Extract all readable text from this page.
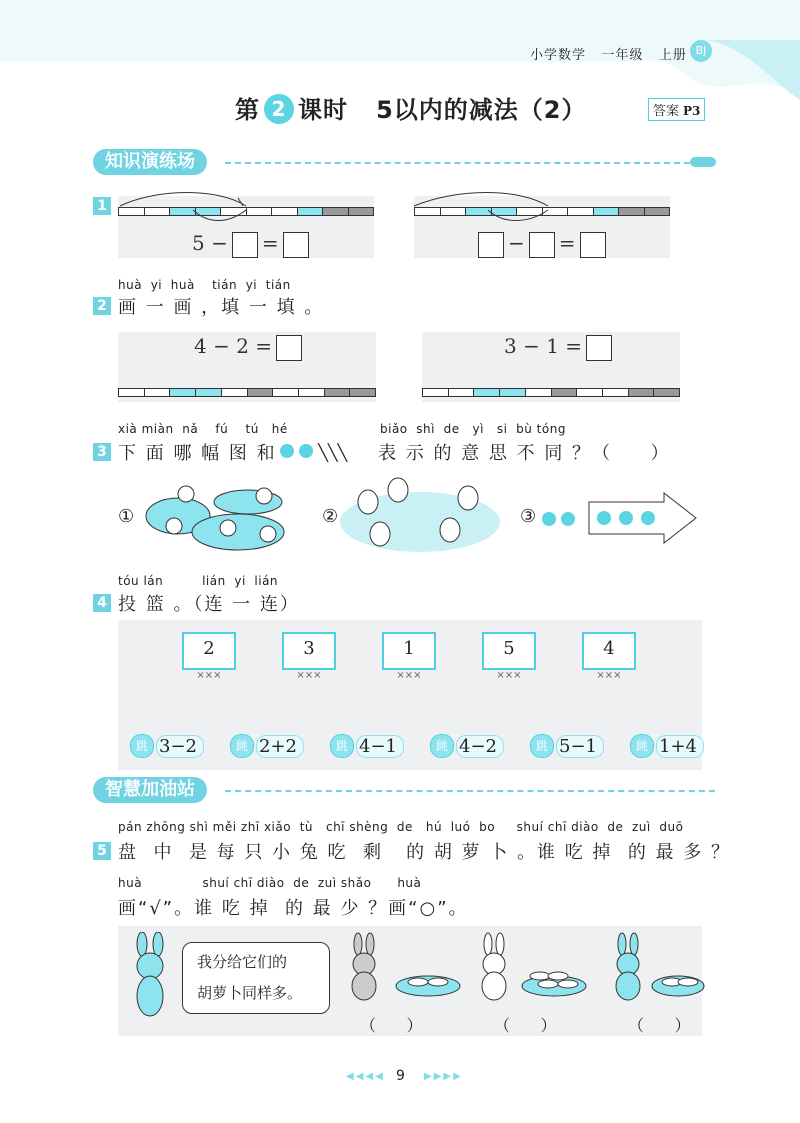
小学数学 一年级 上册 BJ
第 2 课时 5以内的减法（2）	答案 P3
知识演练场
1
5 − =	− =
huà  yi  huà    tián  yi  tián
2 画 一 画 ，填 一 填 。
4 − 2 =	3 − 1 =
xià miàn  nǎ    fú    tú   hé	biǎo  shì  de   yì   si  bù tóng
3 下 面 哪 幅 图 和	╲╲╲ 表 示 的 意 思 不 同 ？（     ）
①	②	③

tóu lán         lián  yi  lián
4 投 篮 。（连 一 连）
2
⨯⨯⨯
3
⨯⨯⨯
1
⨯⨯⨯
5
⨯⨯⨯
4
⨯⨯⨯
跳 3−2	跳 2+2	跳 4−1	跳 4−2	跳 5−1	跳 1+4
智慧加油站
pán zhōng shì měi zhī xiǎo  tù   chī shèng  de   hú  luó  bo     shuí chī diào  de  zuì  duō
5 盘  中  是 每 只 小 兔 吃  剩   的 胡 萝 卜 。谁 吃 掉  的 最 多 ？
huà              shuí chī diào  de  zuì shǎo      huà
画“√”。谁 吃 掉  的 最 少 ？画“○”。
我分给它们的
胡萝卜同样多。
（      ）	（      ）	（      ）
◀◀◀◀ 9 ▶▶▶▶
